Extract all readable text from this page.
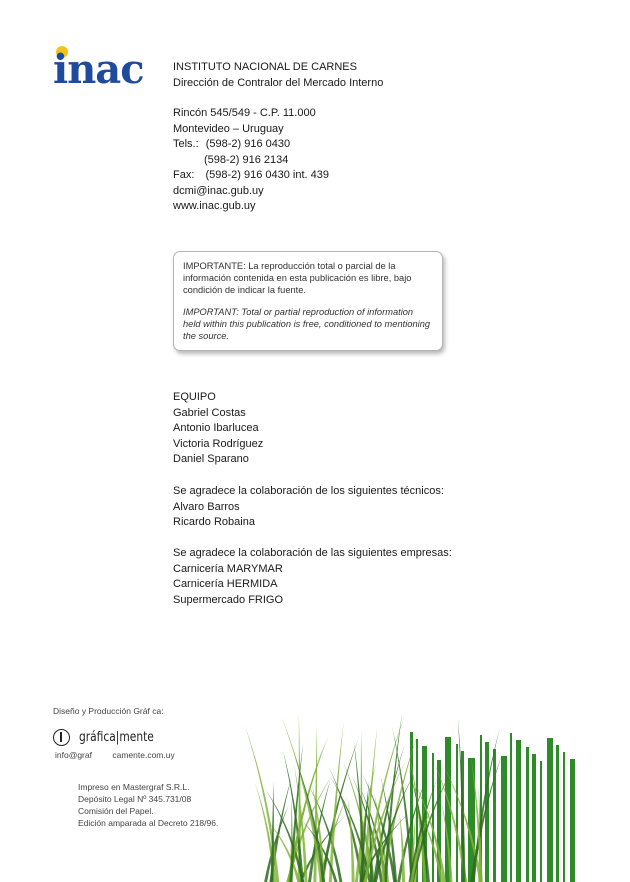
inac	INSTITUTO NACIONAL DE CARNES
Dirección de Contralor del Mercado Interno
Rincón 545/549 - C.P. 11.000
Montevideo – Uruguay
Tels.: (598-2) 916 0430
(598-2) 916 2134
Fax: (598-2) 916 0430 int. 439
dcmi@inac.gub.uy
www.inac.gub.uy

IMPORTANTE: La reproducción total o parcial de la información contenida en esta publicación es libre, bajo condición de indicar la fuente.

IMPORTANT: Total or partial reproduction of information held within this publication is free, conditioned to mentioning the source.

EQUIPO
Gabriel Costas
Antonio Ibarlucea
Victoria Rodríguez
Daniel Sparano
Se agradece la colaboración de los siguientes técnicos:
Alvaro Barros
Ricardo Robaina
Se agradece la colaboración de las siguientes empresas:
Carnicería MARYMAR
Carnicería HERMIDA
Supermercado FRIGO
Diseño y Producción Gráf ca:
gráfica|mente
info@graf camente.com.uy
Impreso en Mastergraf S.R.L.
Depósito Legal Nº 345.731/08
Comisión del Papel.
Edición amparada al Decreto 218/96.
